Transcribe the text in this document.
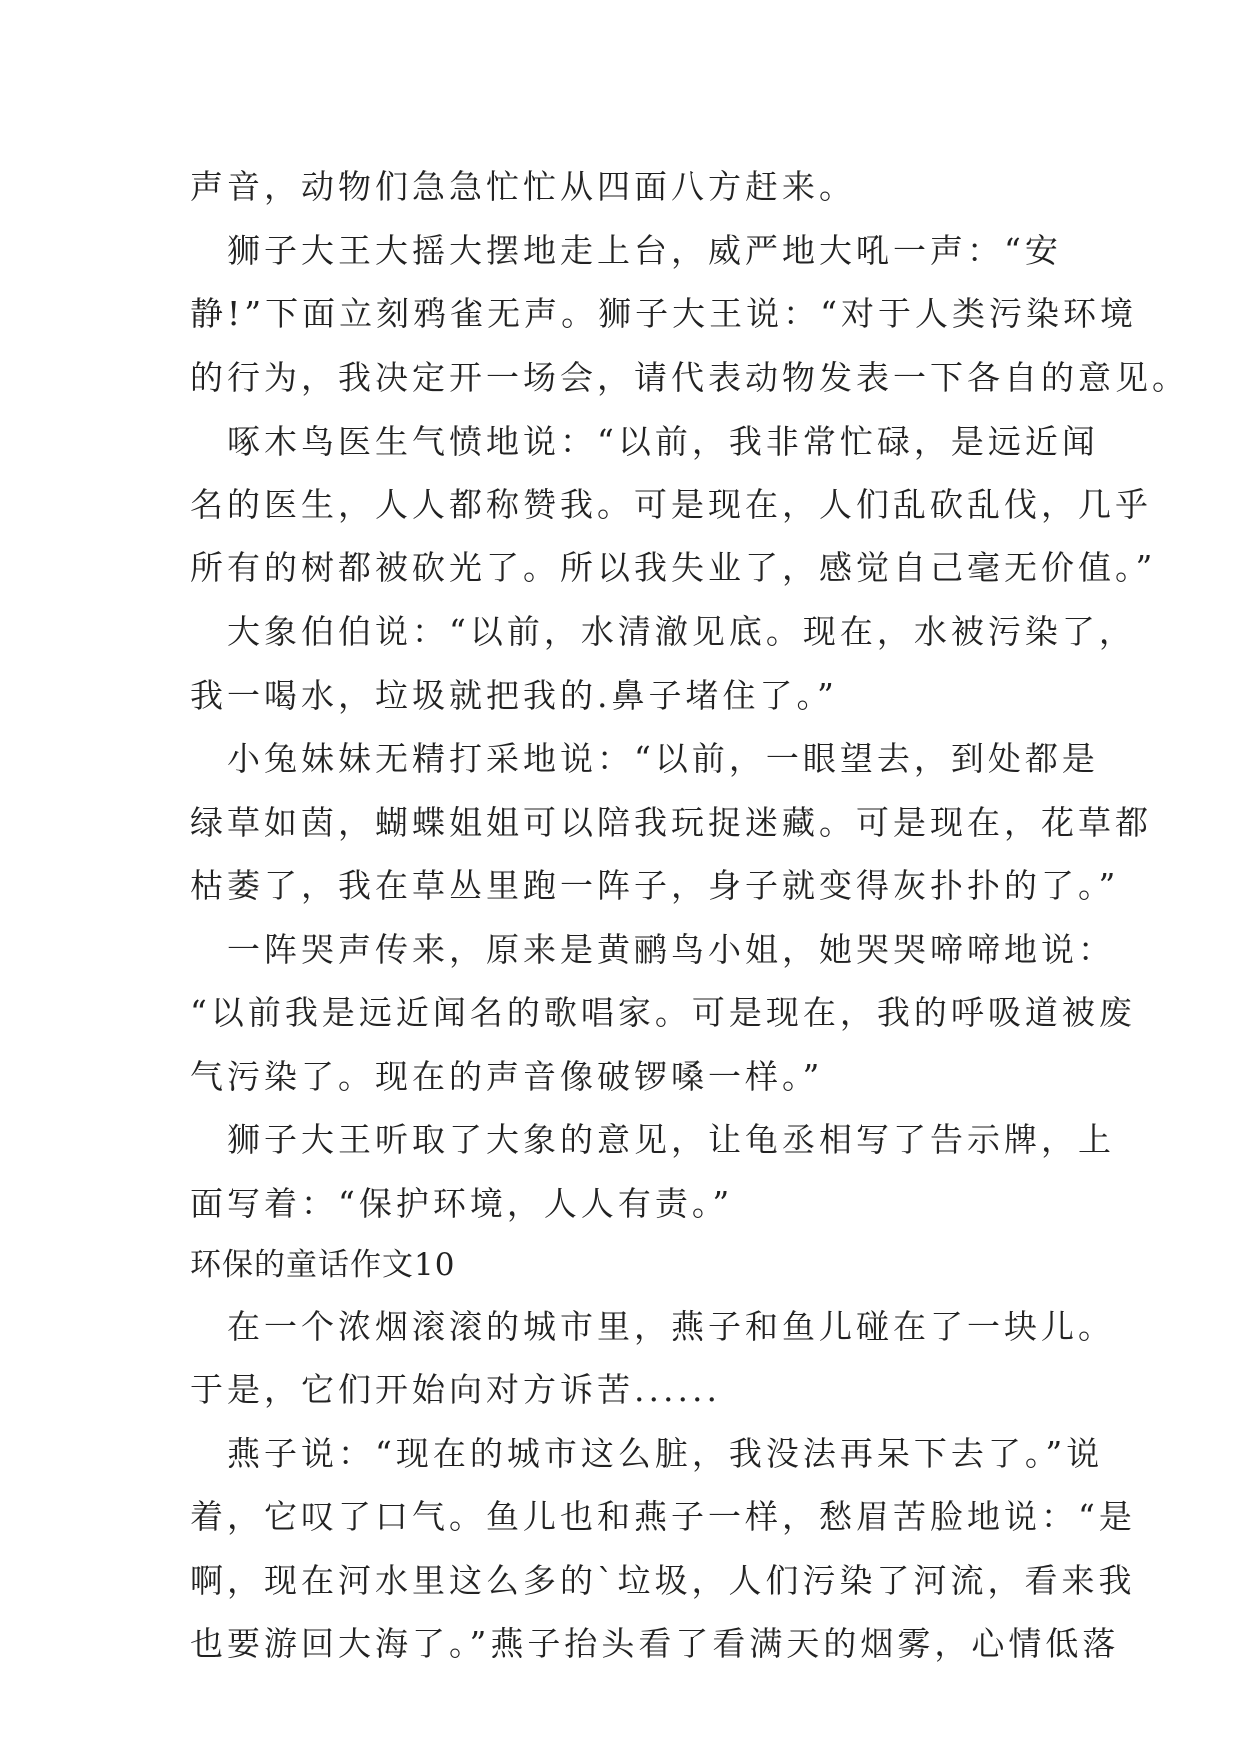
声音，动物们急急忙忙从四面八方赶来。
　狮子大王大摇大摆地走上台，威严地大吼一声：“安
静!”下面立刻鸦雀无声。狮子大王说：“对于人类污染环境
的行为，我决定开一场会，请代表动物发表一下各自的意见。
　啄木鸟医生气愤地说：“以前，我非常忙碌，是远近闻
名的医生，人人都称赞我。可是现在，人们乱砍乱伐，几乎
所有的树都被砍光了。所以我失业了，感觉自己毫无价值。”
　大象伯伯说：“以前，水清澈见底。现在，水被污染了，
我一喝水，垃圾就把我的.鼻子堵住了。”
　小兔妹妹无精打采地说：“以前，一眼望去，到处都是
绿草如茵，蝴蝶姐姐可以陪我玩捉迷藏。可是现在，花草都
枯萎了，我在草丛里跑一阵子，身子就变得灰扑扑的了。”
　一阵哭声传来，原来是黄鹂鸟小姐，她哭哭啼啼地说：
“以前我是远近闻名的歌唱家。可是现在，我的呼吸道被废
气污染了。现在的声音像破锣嗓一样。”
　狮子大王听取了大象的意见，让龟丞相写了告示牌，上
面写着：“保护环境，人人有责。”
环保的童话作文10
　在一个浓烟滚滚的城市里，燕子和鱼儿碰在了一块儿。
于是，它们开始向对方诉苦......
　燕子说：“现在的城市这么脏，我没法再呆下去了。”说
着，它叹了口气。鱼儿也和燕子一样，愁眉苦脸地说：“是
啊，现在河水里这么多的`垃圾，人们污染了河流，看来我
也要游回大海了。”燕子抬头看了看满天的烟雾，心情低落
